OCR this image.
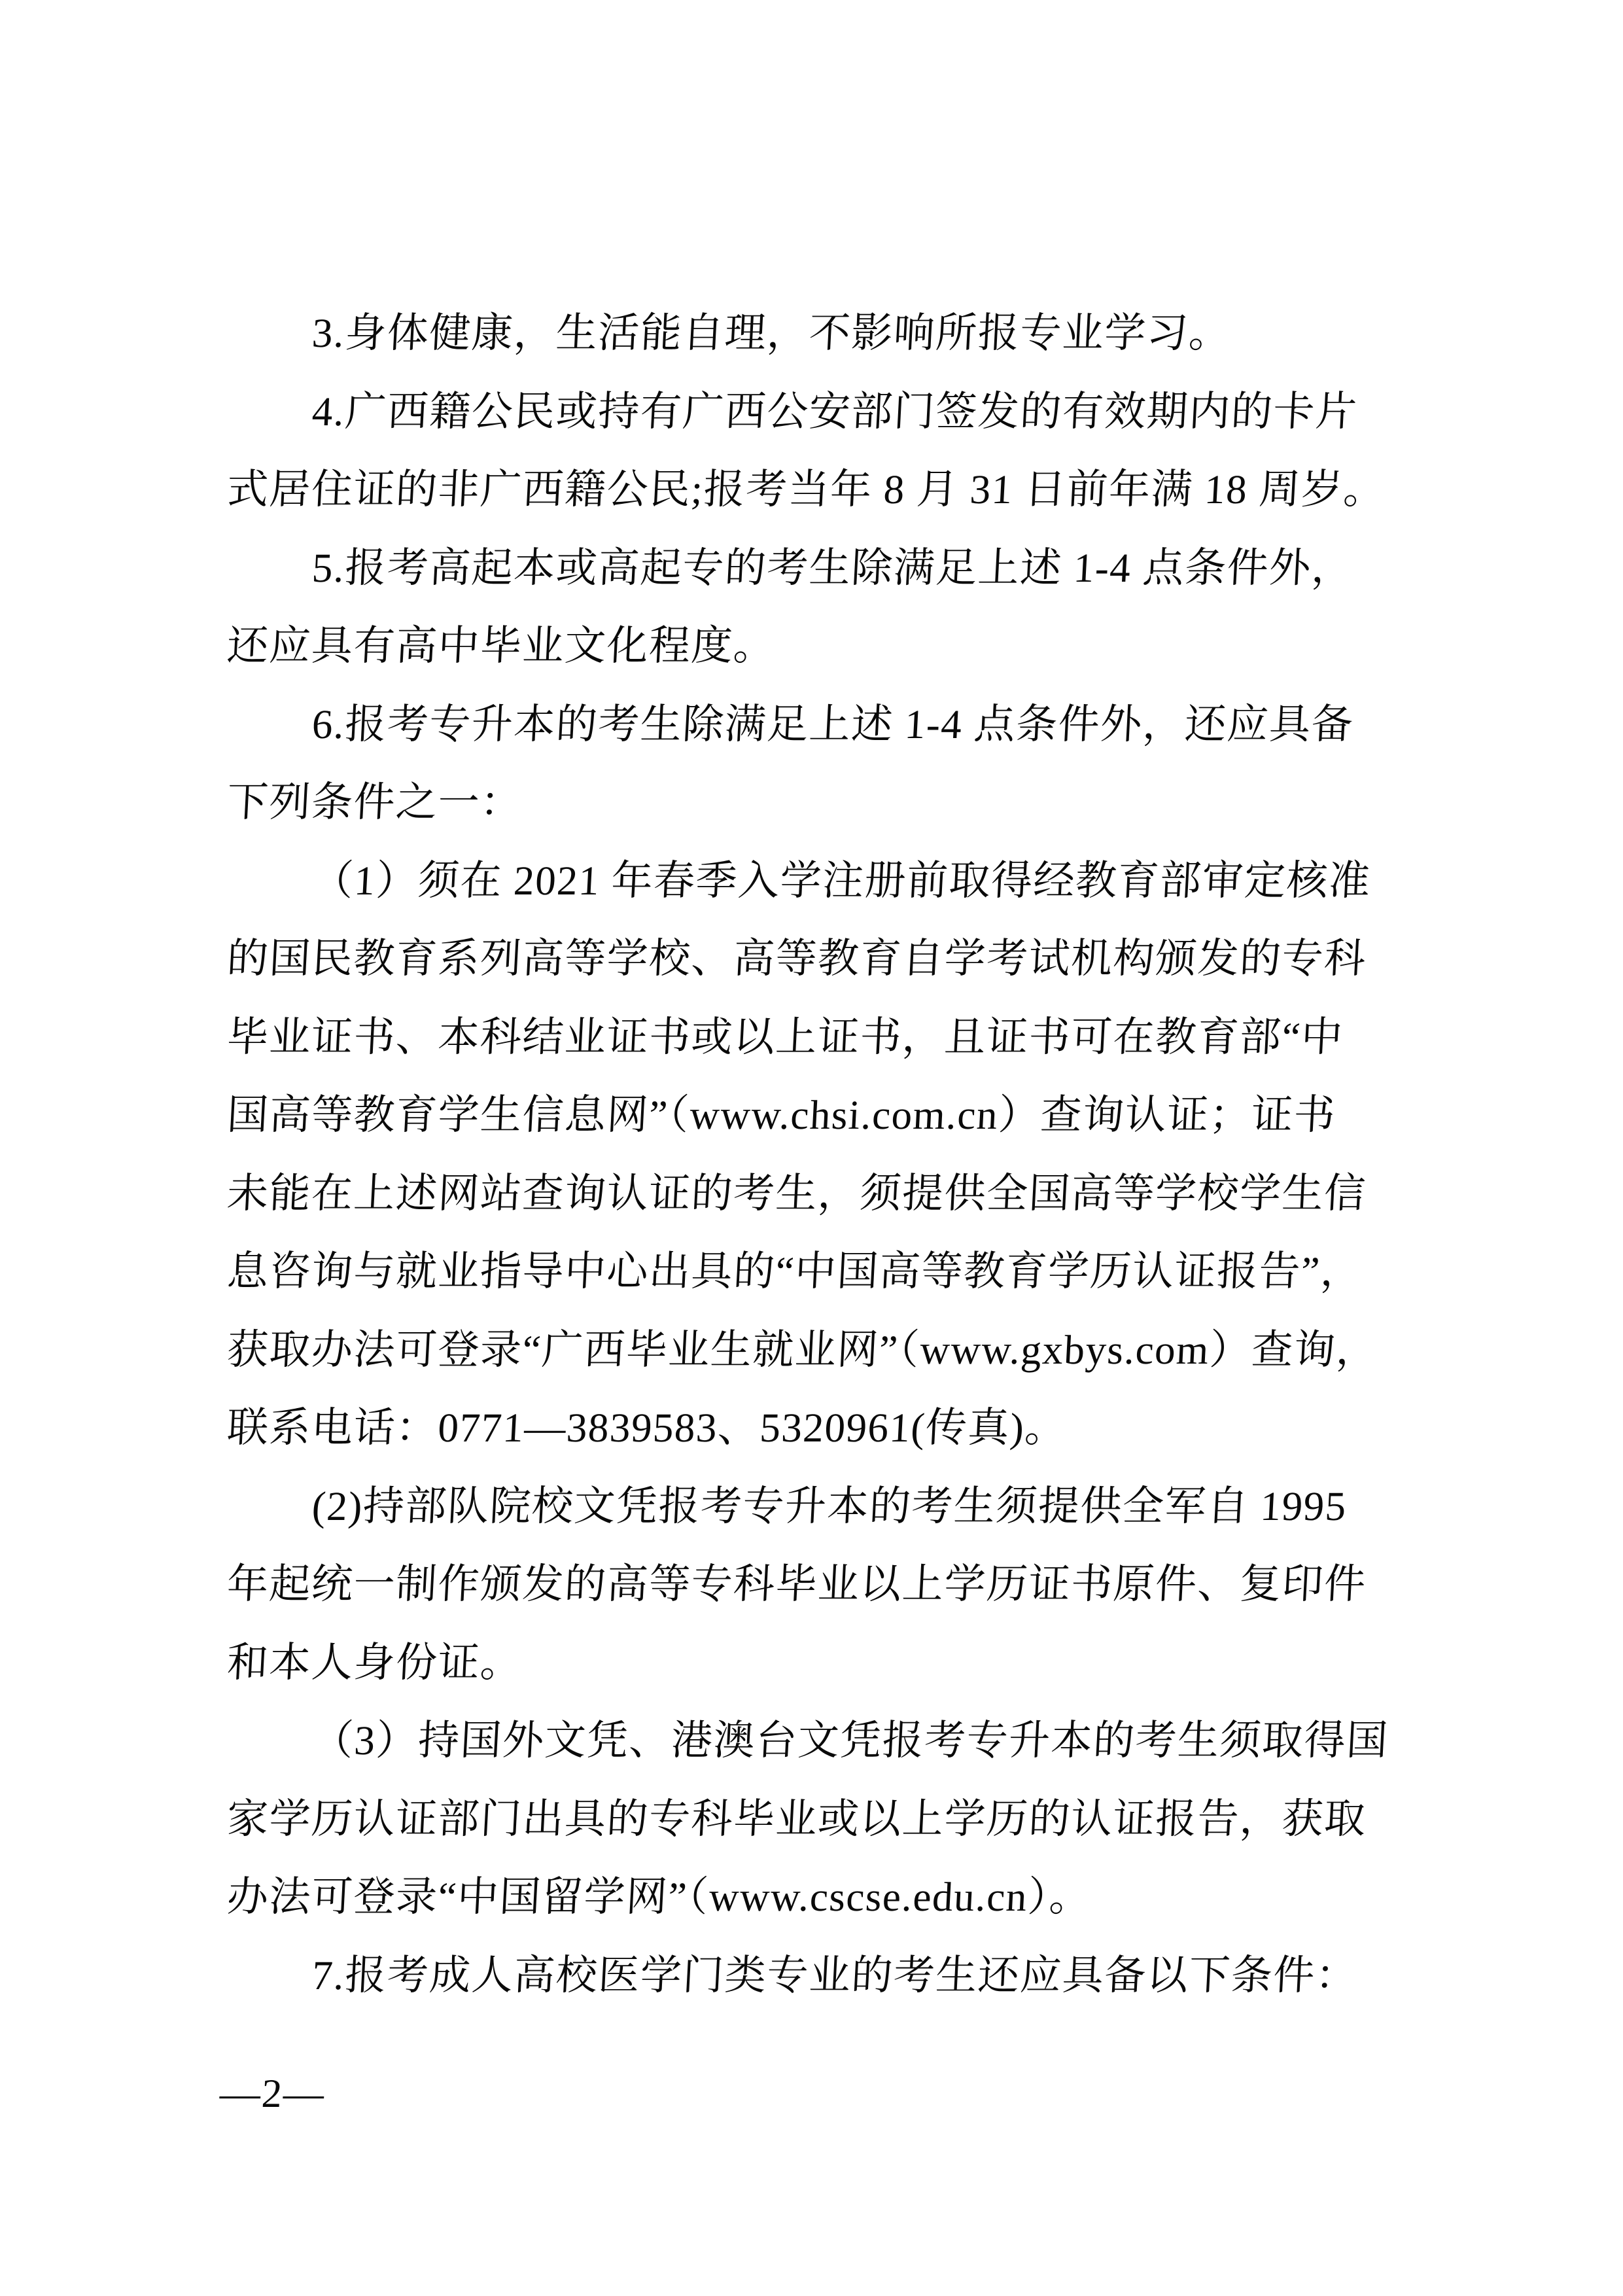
3.身体健康，生活能自理，不影响所报专业学习。
4.广西籍公民或持有广西公安部门签发的有效期内的卡片
式居住证的非广西籍公民;报考当年 8 月 31 日前年满 18 周岁。
5.报考高起本或高起专的考生除满足上述 1-4 点条件外，
还应具有高中毕业文化程度。
6.报考专升本的考生除满足上述 1-4 点条件外，还应具备
下列条件之一：
（1）须在 2021 年春季入学注册前取得经教育部审定核准
的国民教育系列高等学校、高等教育自学考试机构颁发的专科
毕业证书、本科结业证书或以上证书，且证书可在教育部“中
国高等教育学生信息网”（www.chsi.com.cn）查询认证；证书
未能在上述网站查询认证的考生，须提供全国高等学校学生信
息咨询与就业指导中心出具的“中国高等教育学历认证报告”，
获取办法可登录“广西毕业生就业网”（www.gxbys.com）查询，
联系电话：0771—3839583、5320961(传真)。
(2)持部队院校文凭报考专升本的考生须提供全军自 1995
年起统一制作颁发的高等专科毕业以上学历证书原件、复印件
和本人身份证。
（3）持国外文凭、港澳台文凭报考专升本的考生须取得国
家学历认证部门出具的专科毕业或以上学历的认证报告，获取
办法可登录“中国留学网”（www.cscse.edu.cn）。
7.报考成人高校医学门类专业的考生还应具备以下条件：
—2—
